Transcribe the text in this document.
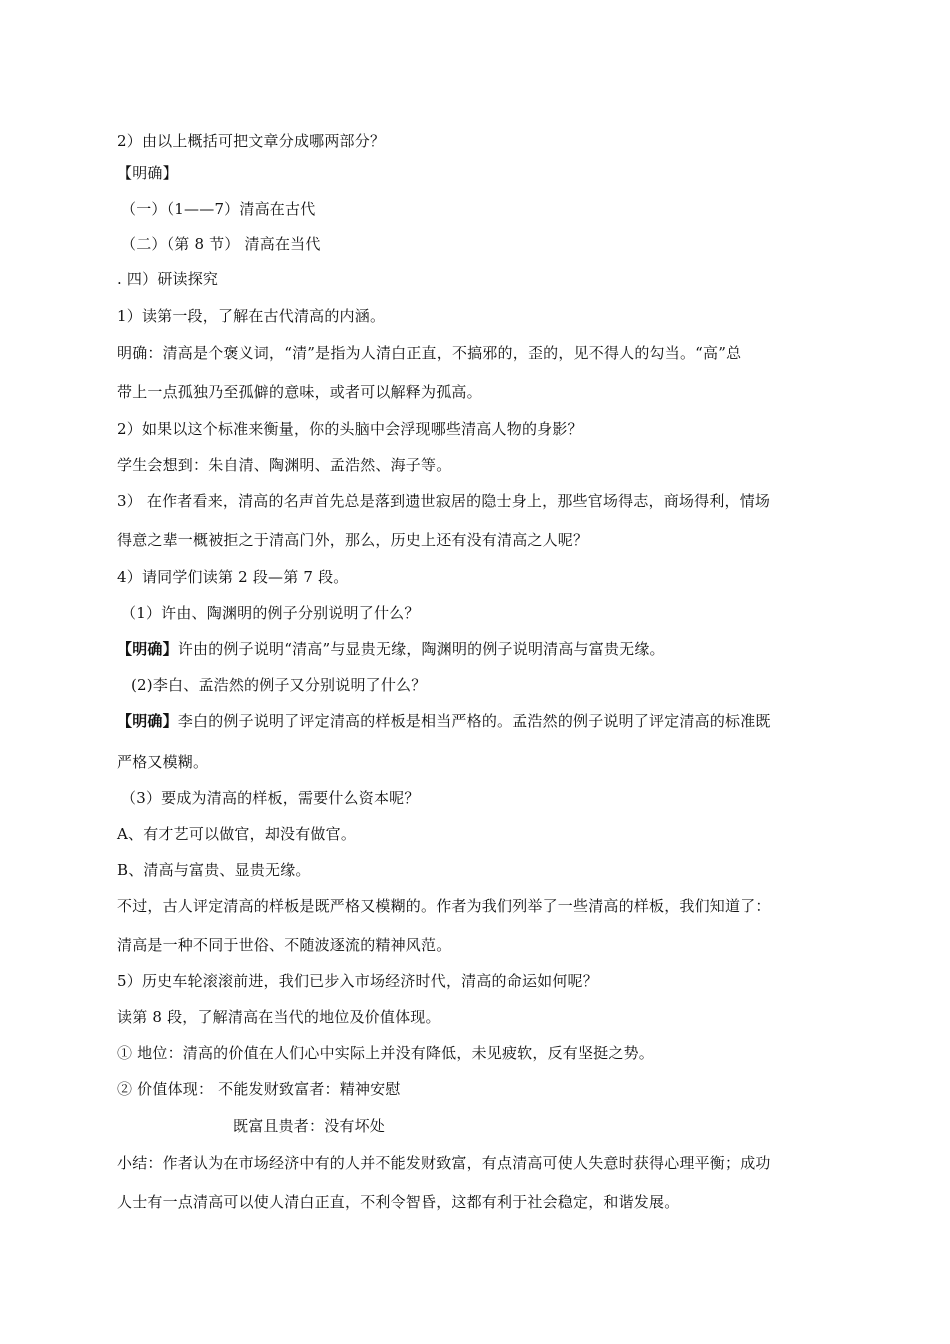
2）由以上概括可把文章分成哪两部分？
【明确】
（一）（1——7）清高在古代
（二）（第 8 节） 清高在当代
. 四）研读探究
1）读第一段，了解在古代清高的内涵。
明确：清高是个褒义词，“清”是指为人清白正直，不搞邪的，歪的，见不得人的勾当。“高”总
带上一点孤独乃至孤僻的意味，或者可以解释为孤高。
2）如果以这个标准来衡量，你的头脑中会浮现哪些清高人物的身影？
学生会想到：朱自清、陶渊明、孟浩然、海子等。
3） 在作者看来，清高的名声首先总是落到遗世寂居的隐士身上，那些官场得志，商场得利，情场
得意之辈一概被拒之于清高门外，那么，历史上还有没有清高之人呢？
4）请同学们读第 2 段—第 7 段。
（1）许由、陶渊明的例子分别说明了什么？
【明确】许由的例子说明“清高”与显贵无缘，陶渊明的例子说明清高与富贵无缘。
(2)李白、孟浩然的例子又分别说明了什么？
【明确】李白的例子说明了评定清高的样板是相当严格的。孟浩然的例子说明了评定清高的标准既
严格又模糊。
（3）要成为清高的样板，需要什么资本呢？
A、有才艺可以做官，却没有做官。
B、清高与富贵、显贵无缘。
不过，古人评定清高的样板是既严格又模糊的。作者为我们列举了一些清高的样板，我们知道了：
清高是一种不同于世俗、不随波逐流的精神风范。
5）历史车轮滚滚前进，我们已步入市场经济时代，清高的命运如何呢？
读第 8 段，了解清高在当代的地位及价值体现。
① 地位：清高的价值在人们心中实际上并没有降低，未见疲软，反有坚挺之势。
② 价值体现： 不能发财致富者：精神安慰
既富且贵者：没有坏处
小结：作者认为在市场经济中有的人并不能发财致富，有点清高可使人失意时获得心理平衡；成功
人士有一点清高可以使人清白正直，不利令智昏，这都有利于社会稳定，和谐发展。
